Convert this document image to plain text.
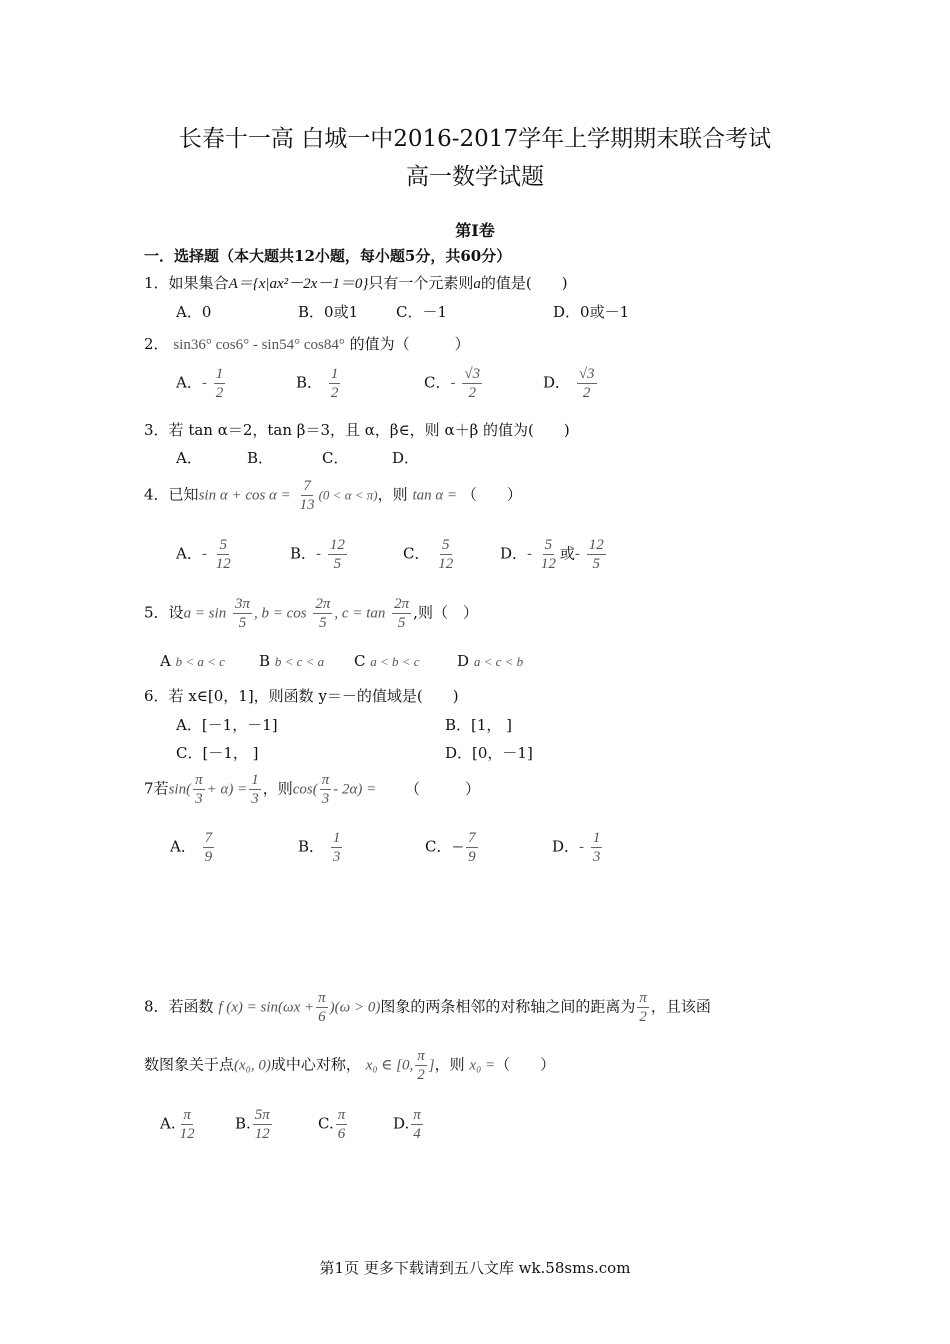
长春十一高 白城一中2016-2017学年上学期期末联合考试
高一数学试题
第Ⅰ卷
一．选择题（本大题共12小题，每小题5分，共60分）
1．如果集合A＝{x|ax²－2x－1＝0}只有一个元素则a的值是(　　)
A．0	B．0或1	C．－1	D．0或－1
2． sin36° cos6° - sin54° cos84° 的值为（　　　）
A．- $\frac{1}{2}$	B． $\frac{1}{2}$	C．- $\frac{√3}{2}$	D． $\frac{√3}{2}$
3．若 tan α＝2，tan β＝3，且 α，β∈，则 α＋β 的值为(　　)
A．	B．	C．	D．
4．已知$\sin \alpha + \cos \alpha = \frac{7}{13} (0 < \alpha < \pi)$，则 tan α = （　　）
A．- $\frac{5}{12}$	B．- $\frac{12}{5}$	C． $\frac{5}{12}$	D．- $\frac{5}{12}$ 或- $\frac{12}{5}$
5．设$a = \sin \frac{3\pi}{5}$ , $b = \cos \frac{2\pi}{5}$ , $c = \tan \frac{2\pi}{5}$ ,则（　）
A b < a < c B b < c < a C a < b < c D a < c < b
6．若 x∈[0，1]，则函数 y＝－的值域是(　　)
A．[－1，－1]	B．[1， ]
C．[－1， ]	D．[0，－1]
7若$\sin( \frac{\pi}{3} + \alpha) = \frac{1}{3}$ ，则$\cos( \frac{\pi}{3} - 2\alpha)$ = （　　　）
A． $\frac{7}{9}$	B． $\frac{1}{3}$	C．− $\frac{7}{9}$	D．- $\frac{1}{3}$
8．若函数 f $(x) = \sin(\omega x + \frac{\pi}{6} )(\omega > 0)$图象的两条相邻的对称轴之间的距离为 $\frac{\pi}{2}$ ，且该函
数图象关于点(x₀, 0)成中心对称， x₀ ∈ [0, $\frac{\pi}{2}$ ]，则 x₀ =（　　）
A. $\frac{\pi}{12}$	B. $\frac{5\pi}{12}$	C. $\frac{\pi}{6}$	D. $\frac{\pi}{4}$
第1页 更多下载请到五八文库 wk.58sms.com
